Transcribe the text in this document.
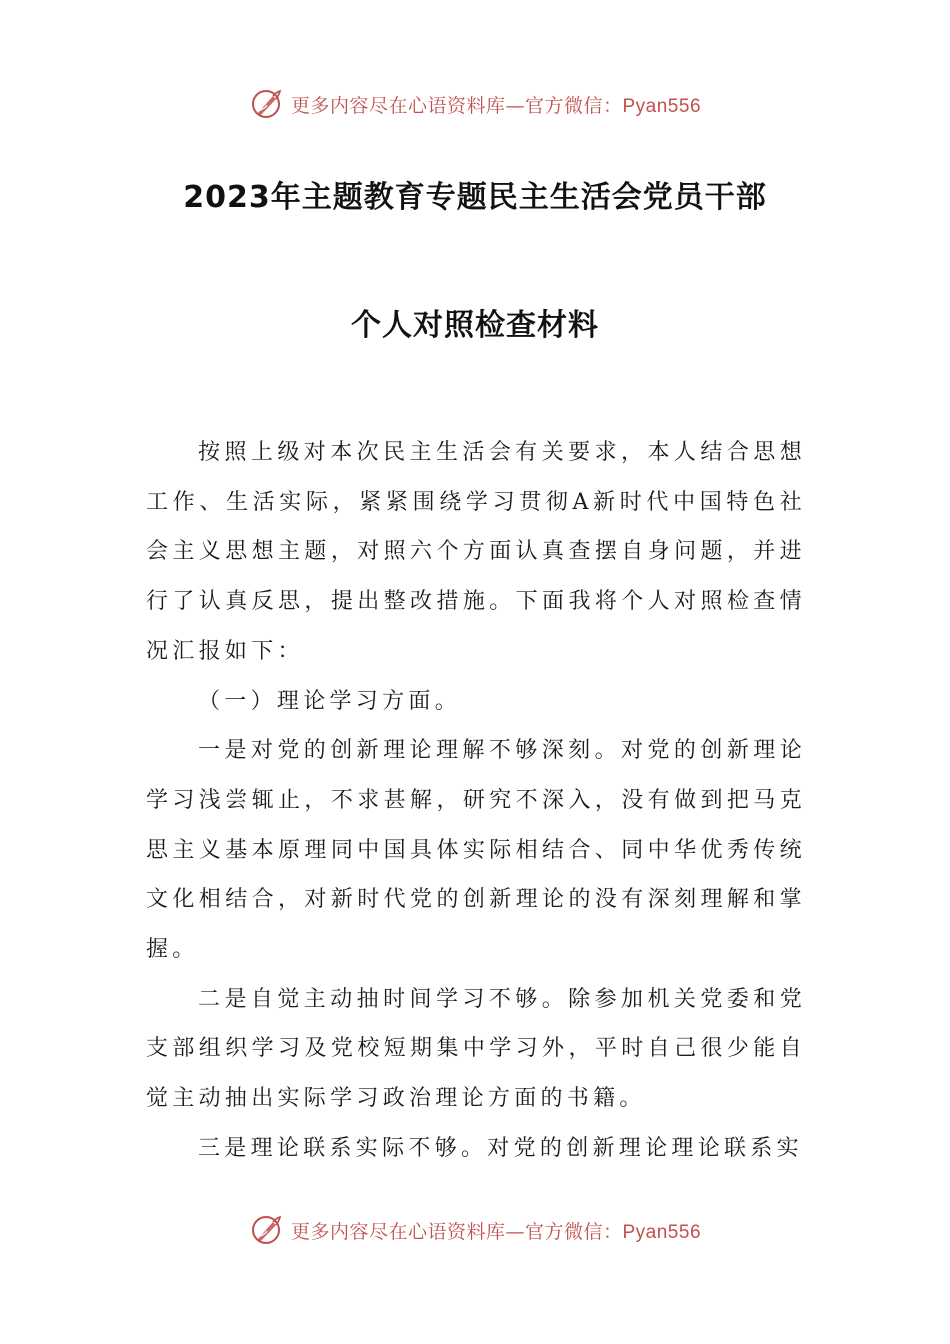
更多内容尽在心语资料库—官方微信：Pyan556
2023年主题教育专题民主生活会党员干部
个人对照检查材料

按照上级对本次民主生活会有关要求，本人结合思想工作、生活实际，紧紧围绕学习贯彻A新时代中国特色社会主义思想主题，对照六个方面认真查摆自身问题，并进行了认真反思，提出整改措施。下面我将个人对照检查情况汇报如下：

（一）理论学习方面。

一是对党的创新理论理解不够深刻。对党的创新理论学习浅尝辄止，不求甚解，研究不深入，没有做到把马克思主义基本原理同中国具体实际相结合、同中华优秀传统文化相结合，对新时代党的创新理论的没有深刻理解和掌握。

二是自觉主动抽时间学习不够。除参加机关党委和党支部组织学习及党校短期集中学习外，平时自己很少能自觉主动抽出实际学习政治理论方面的书籍。

三是理论联系实际不够。对党的创新理论理论联系实

更多内容尽在心语资料库—官方微信：Pyan556
